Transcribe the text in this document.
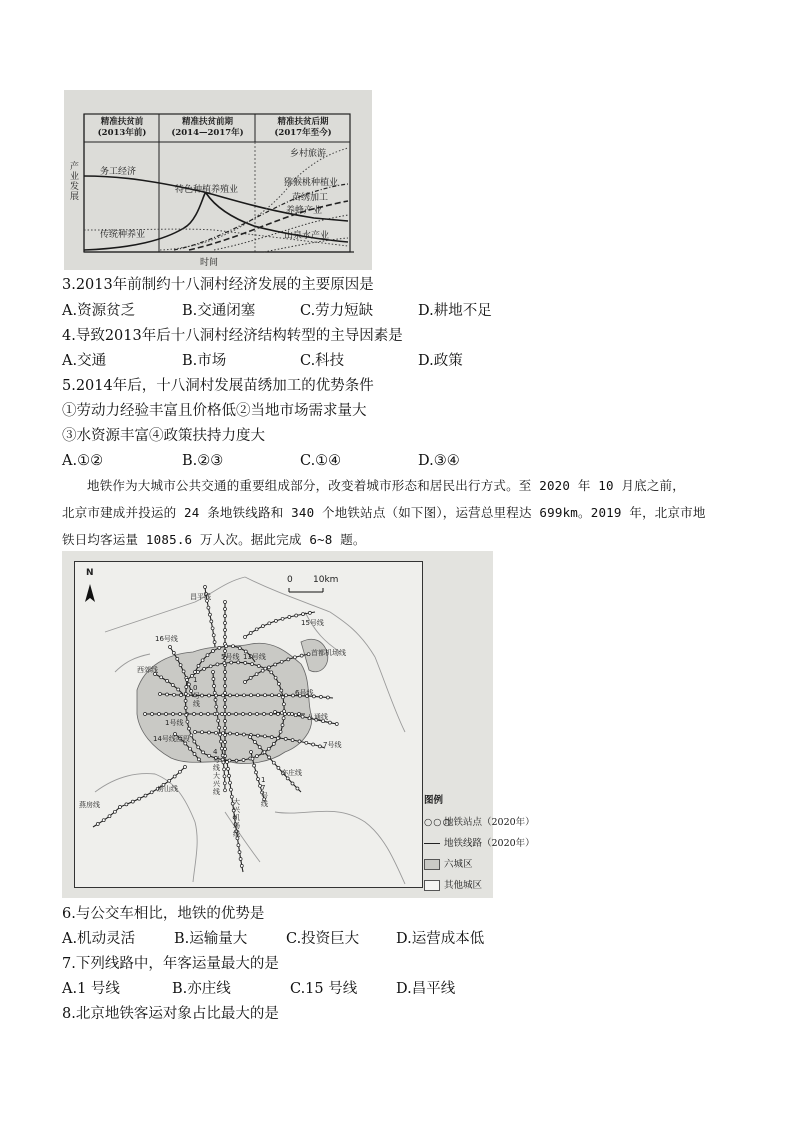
精准扶贫前
(2013年前)
精准扶贫前期
(2014—2017年)
精准扶贫后期
(2017年至今)
产业发展
时间
务工经济
特色种植养殖业
乡村旅游
猕猴桃种植业
苗绣加工
养蜂产业
传统种养业	山泉水产业
3.2013年前制约十八洞村经济发展的主要原因是
A.资源贫乏	B.交通闭塞	C.劳力短缺	D.耕地不足
4.导致2013年后十八洞村经济结构转型的主导因素是
A.交通	B.市场	C.科技	D.政策
5.2014年后，十八洞村发展苗绣加工的优势条件
①劳动力经验丰富且价格低②当地市场需求量大
③水资源丰富④政策扶持力度大
A.①②	B.②③	C.①④	D.③④

地铁作为大城市公共交通的重要组成部分，改变着城市形态和居民出行方式。至 2020 年 10 月底之前，

北京市建成并投运的 24 条地铁线路和 340 个地铁站点（如下图），运营总里程达 699km。2019 年，北京市地
铁日均客运量 1085.6 万人次。据此完成 6~8 题。
N
0 10km
昌平线
15号线
16号线
5号线 13号线	首都机场线
西郊线
10号线
6号线
1号线
八通线
14号线西段
7号线
亦庄线
4号线大兴线
房山线
燕房线	大兴机场线
17号线	图例
○○○地铁站点（2020年）
地铁线路（2020年）
六城区
其他城区
6.与公交车相比，地铁的优势是
A.机动灵活	B.运输量大	C.投资巨大	D.运营成本低
7.下列线路中，年客运量最大的是
A.1 号线	B.亦庄线	C.15 号线	D.昌平线
8.北京地铁客运对象占比最大的是
